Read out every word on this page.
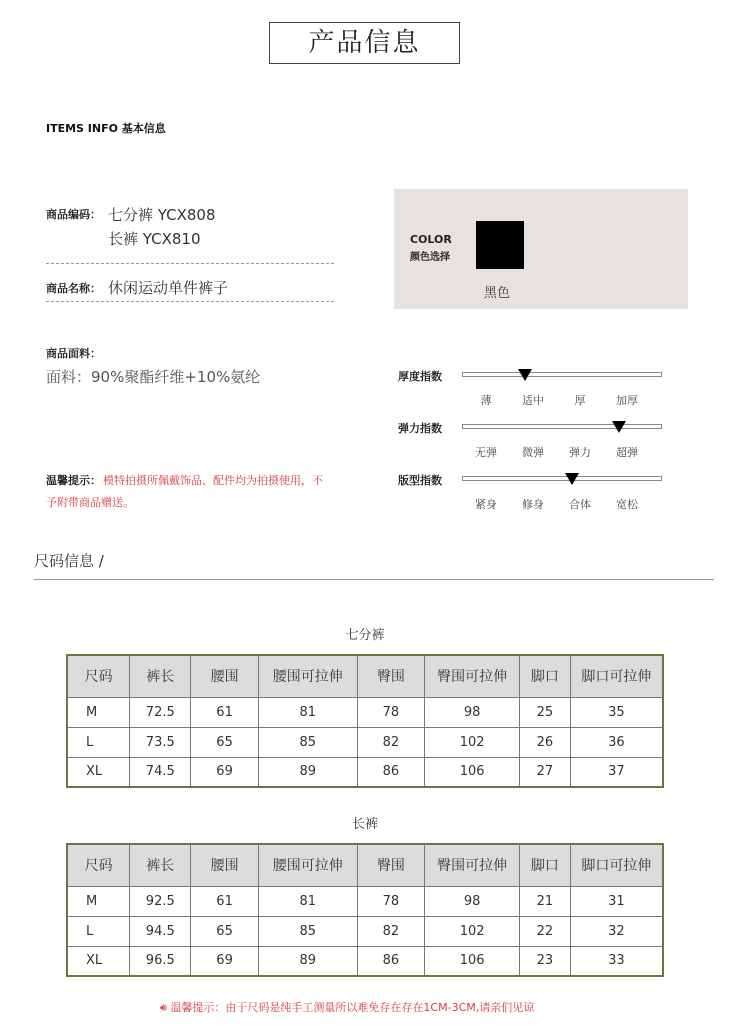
产品信息
ITEMS INFO 基本信息
商品编码： 七分裤 YCX808
长裤 YCX810
商品名称： 休闲运动单件裤子
商品面料：
面料：90%聚酯纤维+10%氨纶
温馨提示： 模特拍摄所佩戴饰品、配件均为拍摄使用，不
予附带商品赠送。
COLOR
颜色选择
黑色
厚度指数
薄	适中	厚	加厚
弹力指数
无弹	微弹	弹力	超弹
版型指数
紧身	修身	合体	宽松
尺码信息 /
七分裤
尺码	裤长	腰围	腰围可拉伸	臀围	臀围可拉伸	脚口	脚口可拉伸
M	72.5	61	81	78	98	25	35
L	73.5	65	85	82	102	26	36
XL	74.5	69	89	86	106	27	37
长裤
尺码	裤长	腰围	腰围可拉伸	臀围	臀围可拉伸	脚口	脚口可拉伸
M	92.5	61	81	78	98	21	31
L	94.5	65	85	82	102	22	32
XL	96.5	69	89	86	106	23	33
🔊︎ 温馨提示：由于尺码是纯手工测量所以难免存在存在1CM-3CM,请亲们见谅
